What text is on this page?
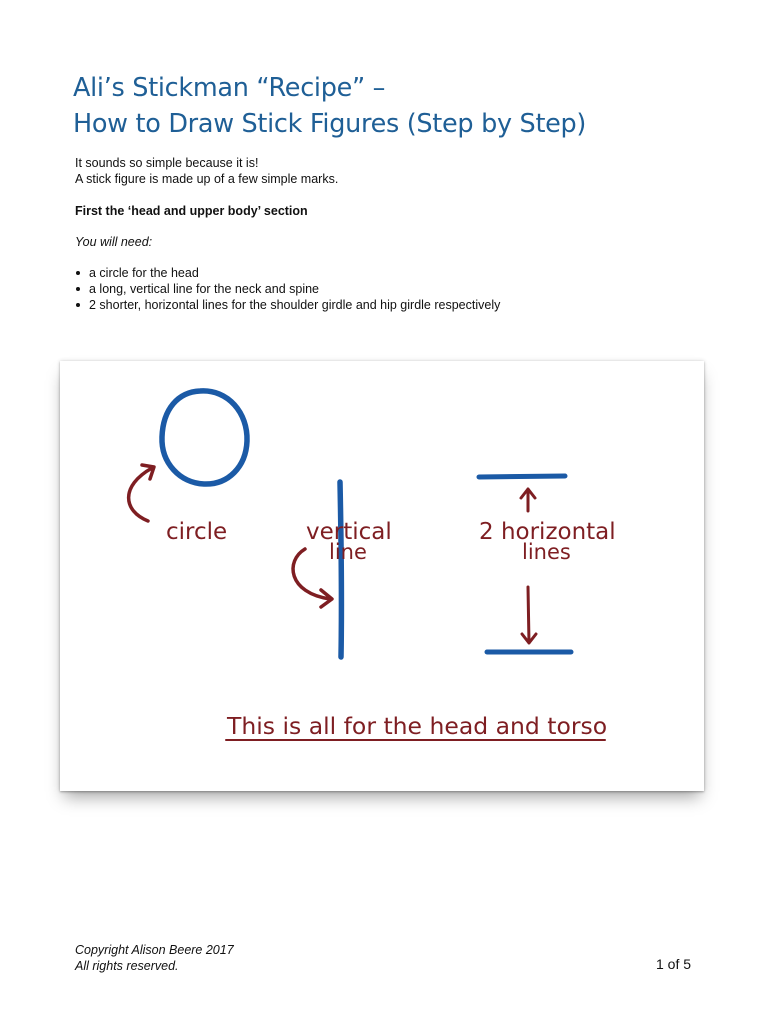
Ali’s Stickman “Recipe” –
How to Draw Stick Figures (Step by Step)

It sounds so simple because it is!

A stick figure is made up of a few simple marks.

First the ‘head and upper body’ section

You will need:

a circle for the head
a long, vertical line for the neck and spine
2 shorter, horizontal lines for the shoulder girdle and hip girdle respectively
circle	vertical
line
2 horizontal
lines
This is all for the head and torso

Copyright Alison Beere 2017

All rights reserved.	1 of 5
